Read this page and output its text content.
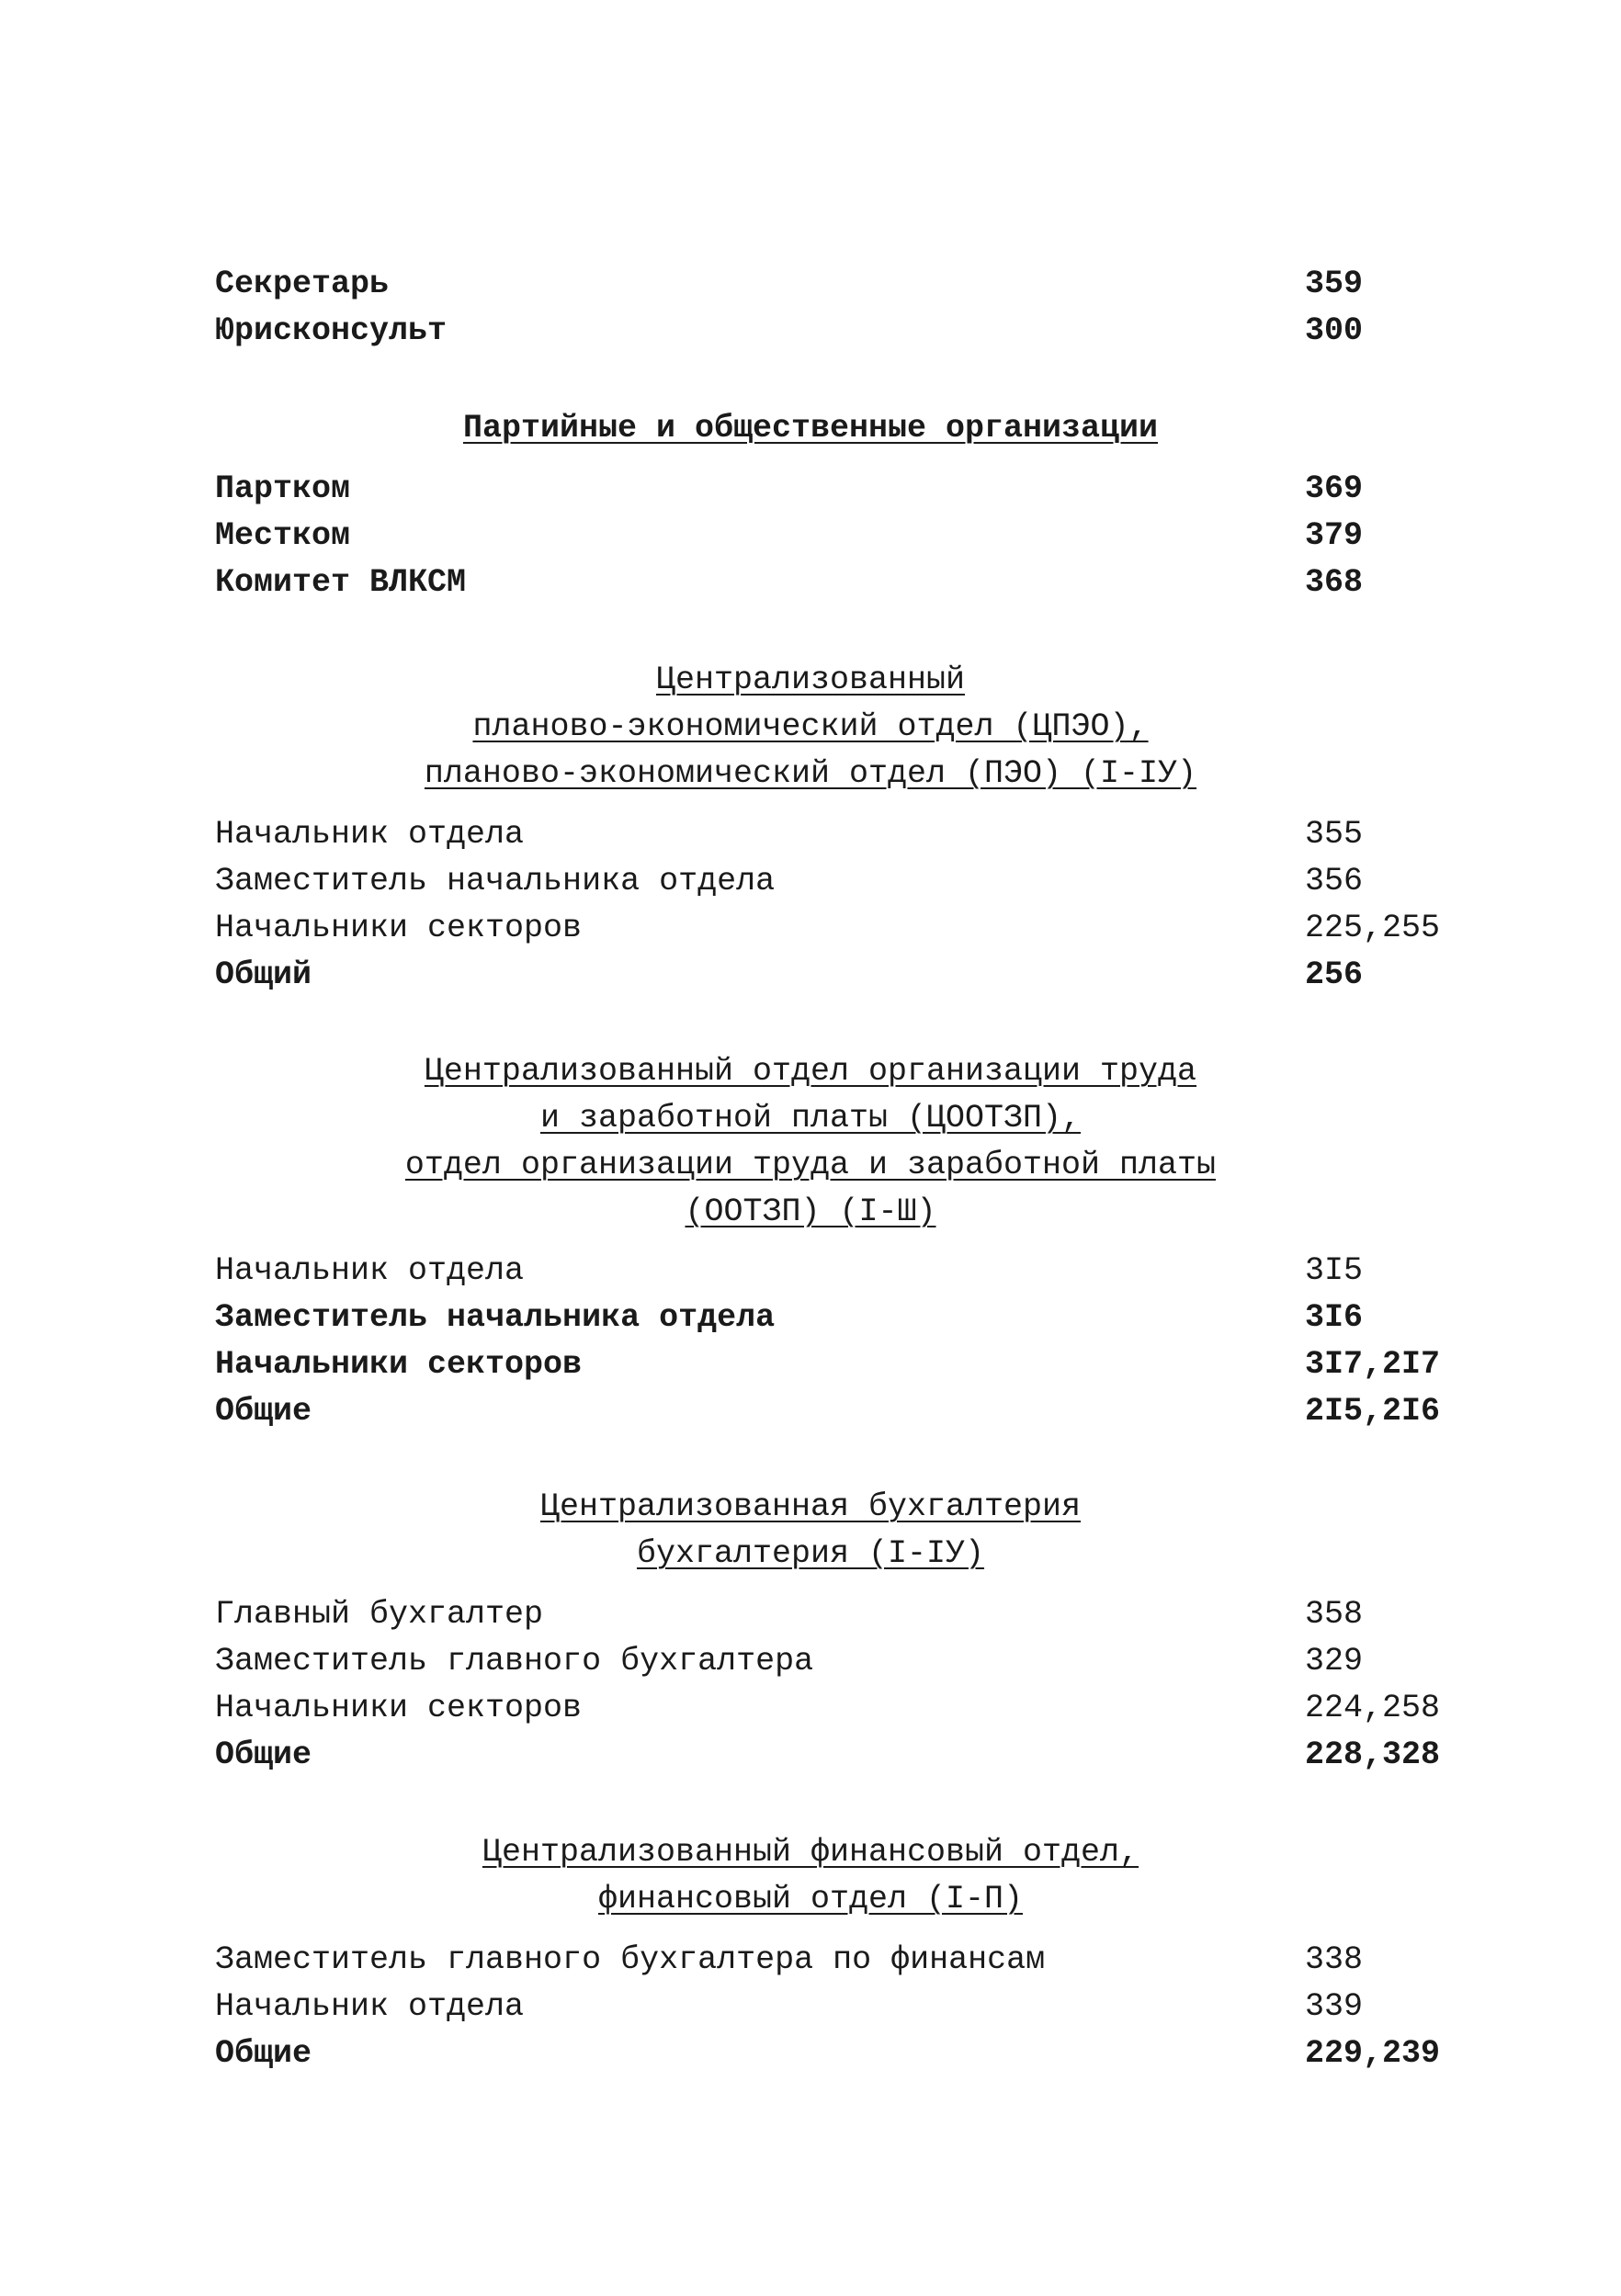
Секретарь	359
Юрисконсульт	300
Партийные и общественные организации
Партком	369
Местком	379
Комитет ВЛКСМ	368
Централизованный
планово-экономический отдел (ЦПЭО),
планово-экономический отдел (ПЭО) (I-IУ)
Начальник отдела	355
Заместитель начальника отдела	356
Начальники секторов	225,255
Общий	256
Централизованный отдел организации труда
и заработной платы (ЦООТЗП),
отдел организации труда и заработной платы
(ООТЗП) (I-Ш)
Начальник отдела	3I5
Заместитель начальника отдела	3I6
Начальники секторов	3I7,2I7
Общие	2I5,2I6
Централизованная бухгалтерия
бухгалтерия (I-IУ)
Главный бухгалтер	358
Заместитель главного бухгалтера	329
Начальники секторов	224,258
Общие	228,328
Централизованный финансовый отдел,
финансовый отдел (I-П)
Заместитель главного бухгалтера по финансам	338
Начальник отдела	339
Общие	229,239
